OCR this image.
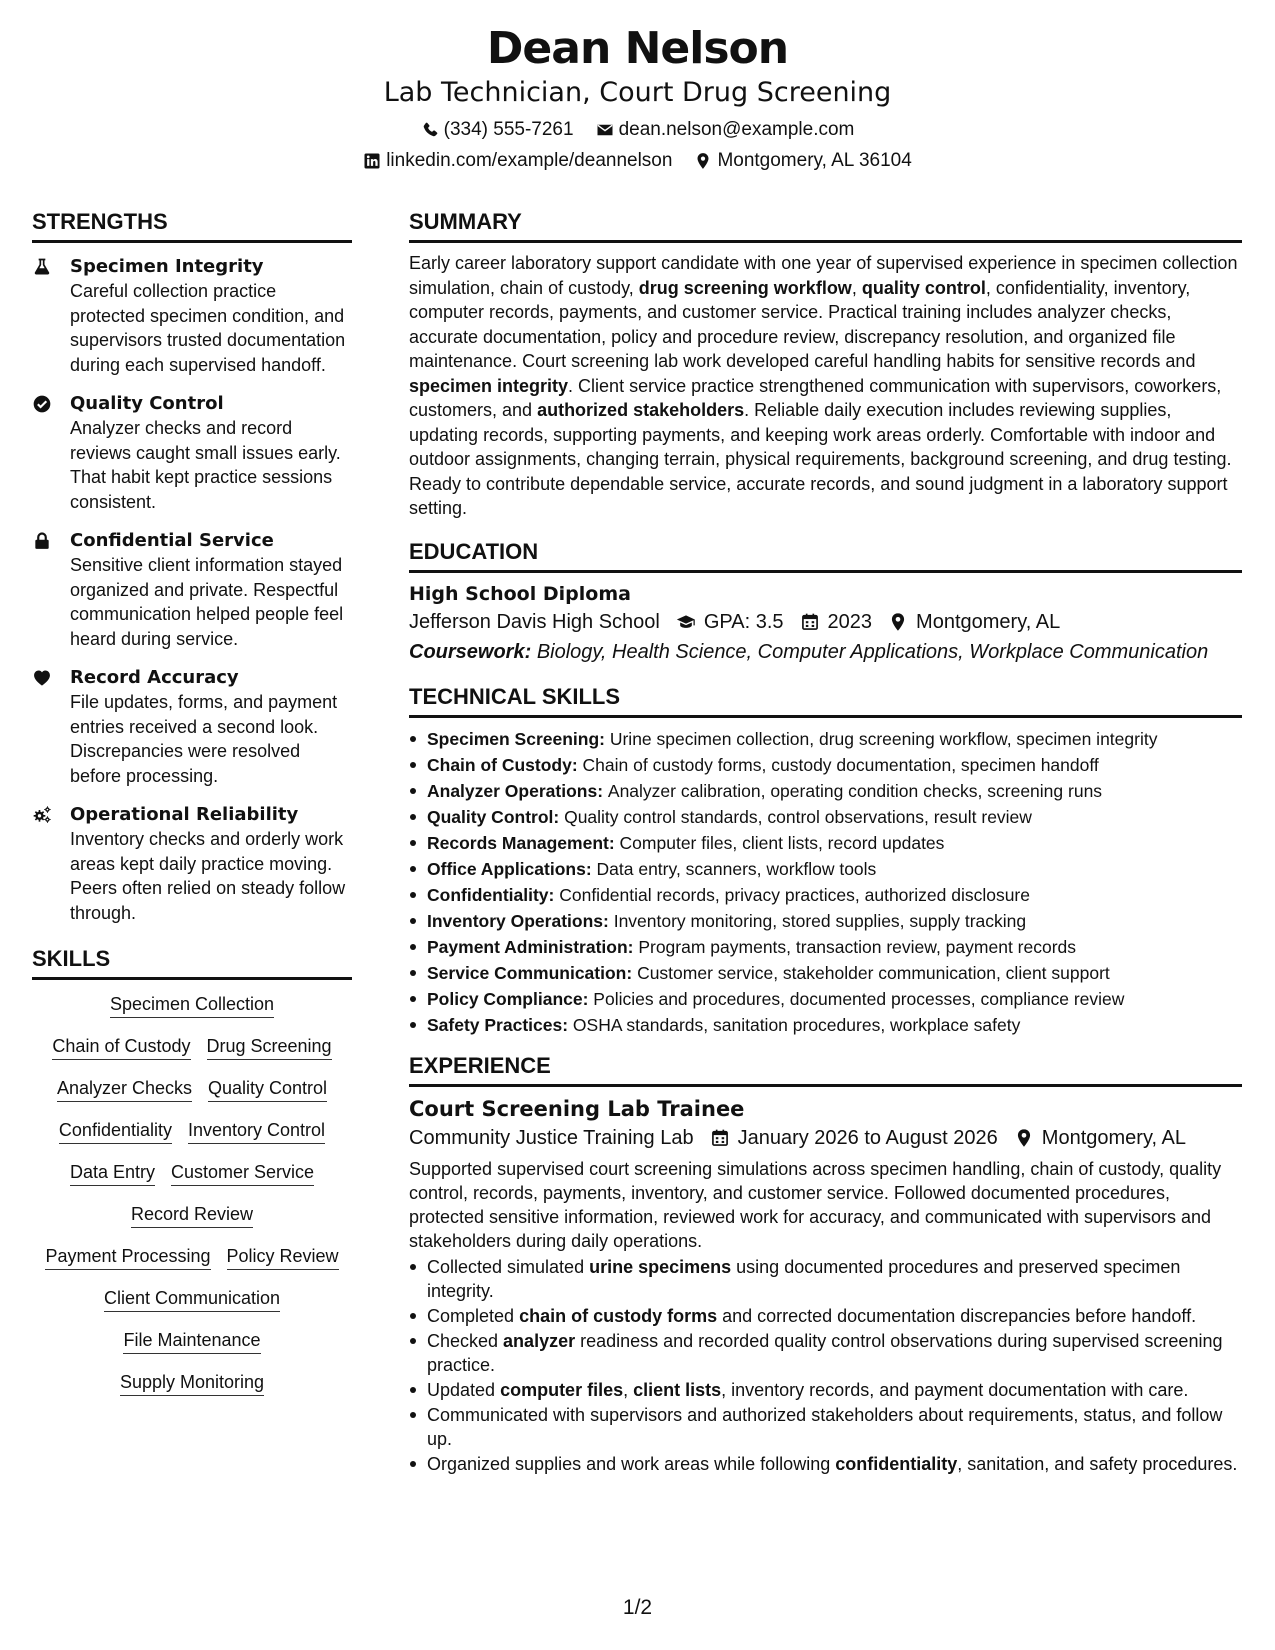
Dean Nelson
Lab Technician, Court Drug Screening
(334) 555-7261 dean.nelson@example.com
linkedin.com/example/deannelson Montgomery, AL 36104
STRENGTHS
Specimen Integrity
Careful collection practice protected specimen condition, and supervisors trusted documentation during each supervised handoff.
Quality Control
Analyzer checks and record reviews caught small issues early. That habit kept practice sessions consistent.
Confidential Service
Sensitive client information stayed organized and private. Respectful communication helped people feel heard during service.
Record Accuracy
File updates, forms, and payment entries received a second look. Discrepancies were resolved before processing.
Operational Reliability
Inventory checks and orderly work areas kept daily practice moving. Peers often relied on steady follow through.
SKILLS
Specimen Collection
Chain of Custody Drug Screening
Analyzer Checks Quality Control
Confidentiality Inventory Control
Data Entry Customer Service
Record Review
Payment Processing Policy Review
Client Communication
File Maintenance
Supply Monitoring
SUMMARY

Early career laboratory support candidate with one year of supervised experience in specimen collection simulation, chain of custody, drug screening workflow, quality control, confidentiality, inventory, computer records, payments, and customer service. Practical training includes analyzer checks, accurate documentation, policy and procedure review, discrepancy resolution, and organized file maintenance. Court screening lab work developed careful handling habits for sensitive records and specimen integrity. Client service practice strengthened communication with supervisors, coworkers, customers, and authorized stakeholders. Reliable daily execution includes reviewing supplies, updating records, supporting payments, and keeping work areas orderly. Comfortable with indoor and outdoor assignments, changing terrain, physical requirements, background screening, and drug testing. Ready to contribute dependable service, accurate records, and sound judgment in a laboratory support setting.

EDUCATION
High School Diploma
Jefferson Davis High School GPA: 3.5 2023 Montgomery, AL
Coursework: Biology, Health Science, Computer Applications, Workplace Communication
TECHNICAL SKILLS
Specimen Screening: Urine specimen collection, drug screening workflow, specimen integrity
Chain of Custody: Chain of custody forms, custody documentation, specimen handoff
Analyzer Operations: Analyzer calibration, operating condition checks, screening runs
Quality Control: Quality control standards, control observations, result review
Records Management: Computer files, client lists, record updates
Office Applications: Data entry, scanners, workflow tools
Confidentiality: Confidential records, privacy practices, authorized disclosure
Inventory Operations: Inventory monitoring, stored supplies, supply tracking
Payment Administration: Program payments, transaction review, payment records
Service Communication: Customer service, stakeholder communication, client support
Policy Compliance: Policies and procedures, documented processes, compliance review
Safety Practices: OSHA standards, sanitation procedures, workplace safety
EXPERIENCE
Court Screening Lab Trainee
Community Justice Training Lab January 2026 to August 2026 Montgomery, AL
Supported supervised court screening simulations across specimen handling, chain of custody, quality control, records, payments, inventory, and customer service. Followed documented procedures, protected sensitive information, reviewed work for accuracy, and communicated with supervisors and stakeholders during daily operations.
Collected simulated urine specimens using documented procedures and preserved specimen integrity.
Completed chain of custody forms and corrected documentation discrepancies before handoff.
Checked analyzer readiness and recorded quality control observations during supervised screening practice.
Updated computer files, client lists, inventory records, and payment documentation with care.
Communicated with supervisors and authorized stakeholders about requirements, status, and follow up.
Organized supplies and work areas while following confidentiality, sanitation, and safety procedures.
1/2
